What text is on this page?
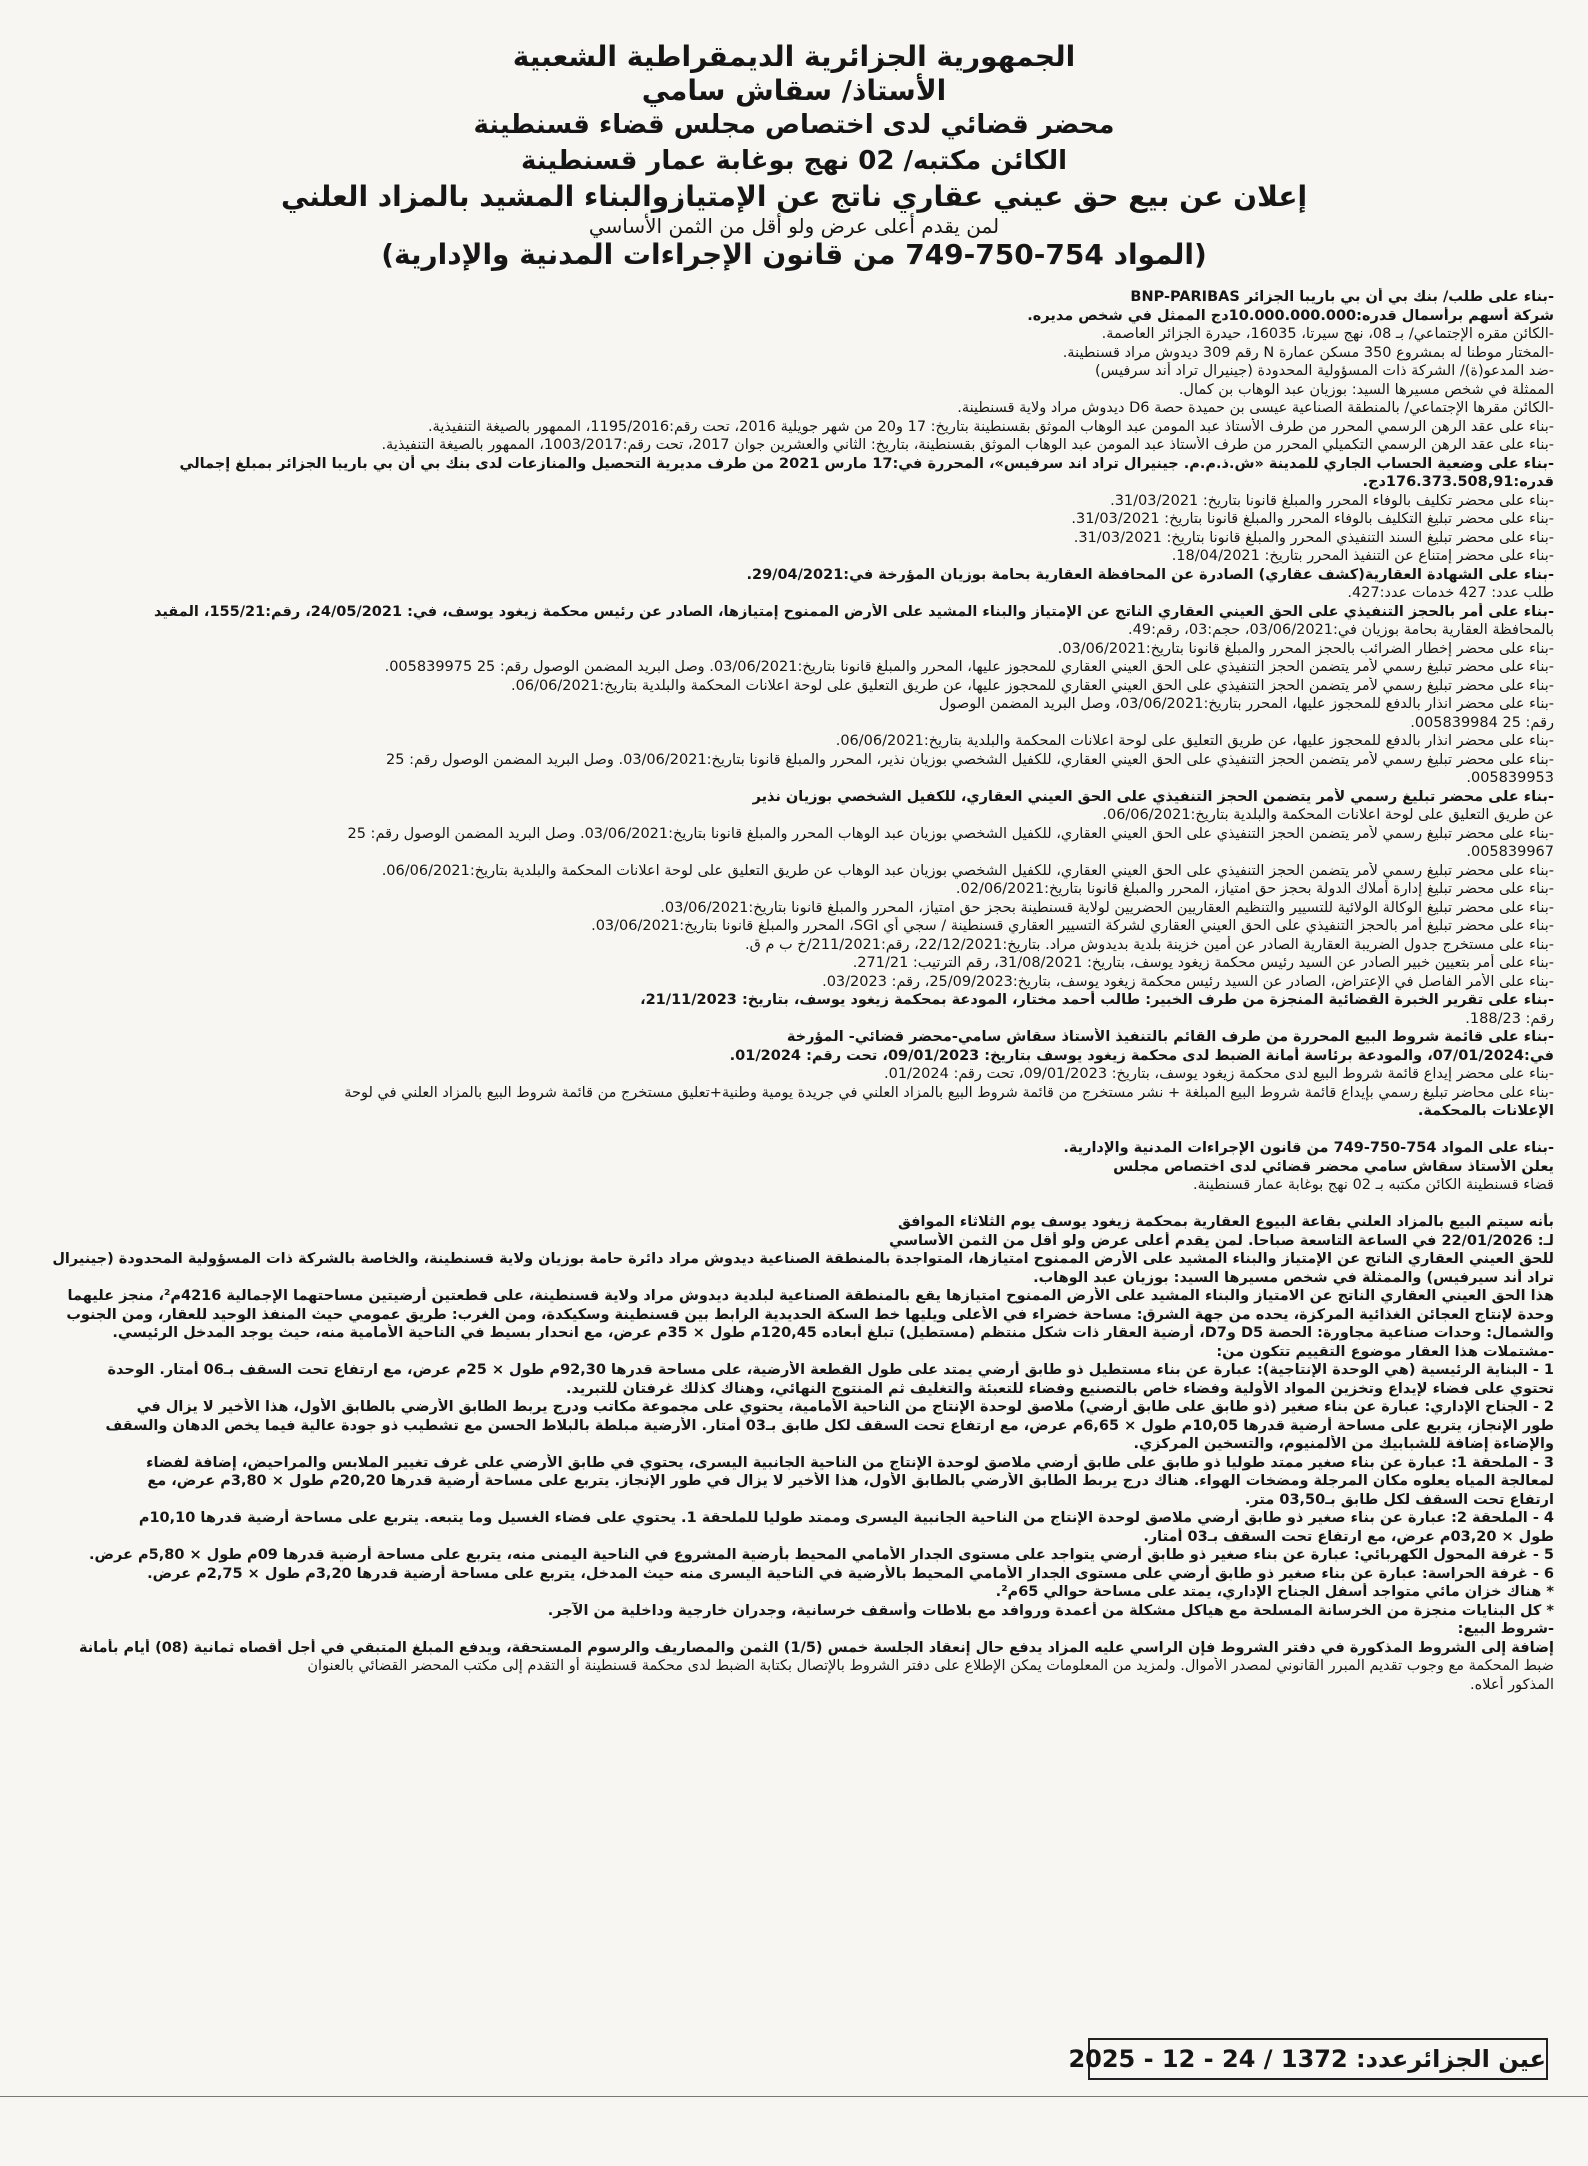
الجمهورية الجزائرية الديمقراطية الشعبية
الأستاذ/ سقاش سامي
محضر قضائي لدى اختصاص مجلس قضاء قسنطينة
الكائن مكتبه/ 02 نهج بوغابة عمار قسنطينة
إعلان عن بيع حق عيني عقاري ناتج عن الإمتيازوالبناء المشيد بالمزاد العلني
لمن يقدم أعلى عرض ولو أقل من الثمن الأساسي
(المواد 754-750-749 من قانون الإجراءات المدنية والإدارية)
-بناء على طلب/ بنك بي أن بي باريبا الجزائر BNP-PARIBAS
شركة أسهم برأسمال قدره:10.000.000.000دج الممثل في شخص مديره.
-الكائن مقره الإجتماعي/ بـ 08، نهج سيرتا، 16035، حيدرة الجزائر العاصمة.
-المختار موطنا له بمشروع 350 مسكن عمارة N رقم 309 ديدوش مراد قسنطينة.
-ضد المدعو(ة)/ الشركة ذات المسؤولية المحدودة (جينيرال تراد أند سرفيس)
الممثلة في شخص مسيرها السيد: بوزيان عبد الوهاب بن كمال.
-الكائن مقرها الإجتماعي/ بالمنطقة الصناعية عيسى بن حميدة حصة D6 ديدوش مراد ولاية قسنطينة.
-بناء على عقد الرهن الرسمي المحرر من طرف الأستاذ عبد المومن عبد الوهاب الموثق بقسنطينة بتاريخ: 17 و20 من شهر جويلية 2016، تحت رقم:1195/2016، الممهور بالصيغة التنفيذية.
-بناء على عقد الرهن الرسمي التكميلي المحرر من طرف الأستاذ عبد المومن عبد الوهاب الموثق بقسنطينة، بتاريخ: الثاني والعشرين جوان 2017، تحت رقم:1003/2017، الممهور بالصيغة التنفيذية.
-بناء على وضعية الحساب الجاري للمدينة «ش.ذ.م.م. جينيرال تراد اند سرفيس»، المحررة في:17 مارس 2021 من طرف مديرية التحصيل والمنازعات لدى بنك بي أن بي باريبا الجزائر بمبلغ إجمالي
قدره:176.373.508,91دج.
-بناء على محضر تكليف بالوفاء المحرر والمبلغ قانونا بتاريخ: 31/03/2021.
-بناء على محضر تبليغ التكليف بالوفاء المحرر والمبلغ قانونا بتاريخ: 31/03/2021.
-بناء على محضر تبليغ السند التنفيذي المحرر والمبلغ قانونا بتاريخ: 31/03/2021.
-بناء على محضر إمتناع عن التنفيذ المحرر بتاريخ: 18/04/2021.
-بناء على الشهادة العقارية(كشف عقاري) الصادرة عن المحافظة العقارية بحامة بوزيان المؤرخة في:29/04/2021.
طلب عدد: 427 خدمات عدد:427.
-بناء على أمر بالحجز التنفيذي على الحق العيني العقاري الناتج عن الإمتياز والبناء المشيد على الأرض الممنوح إمتيازها، الصادر عن رئيس محكمة زيغود يوسف، في: 24/05/2021، رقم:155/21، المقيد
بالمحافظة العقارية بحامة بوزيان في:03/06/2021، حجم:03، رقم:49.
-بناء على محضر إخطار الضرائب بالحجز المحرر والمبلغ قانونا بتاريخ:03/06/2021.
-بناء على محضر تبليغ رسمي لأمر يتضمن الحجز التنفيذي على الحق العيني العقاري للمحجوز عليها، المحرر والمبلغ قانونا بتاريخ:03/06/2021. وصل البريد المضمن الوصول رقم: 25 005839975.
-بناء على محضر تبليغ رسمي لأمر يتضمن الحجز التنفيذي على الحق العيني العقاري للمحجوز عليها، عن طريق التعليق على لوحة اعلانات المحكمة والبلدية بتاريخ:06/06/2021.
-بناء على محضر انذار بالدفع للمحجوز عليها، المحرر بتاريخ:03/06/2021، وصل البريد المضمن الوصول
رقم: 25 005839984.
-بناء على محضر انذار بالدفع للمحجوز عليها، عن طريق التعليق على لوحة اعلانات المحكمة والبلدية بتاريخ:06/06/2021.
-بناء على محضر تبليغ رسمي لأمر يتضمن الحجز التنفيذي على الحق العيني العقاري، للكفيل الشخصي بوزيان نذير، المحرر والمبلغ قانونا بتاريخ:03/06/2021. وصل البريد المضمن الوصول رقم: 25
005839953.
-بناء على محضر تبليغ رسمي لأمر يتضمن الحجز التنفيذي على الحق العيني العقاري، للكفيل الشخصي بوزيان نذير
عن طريق التعليق على لوحة اعلانات المحكمة والبلدية بتاريخ:06/06/2021.
-بناء على محضر تبليغ رسمي لأمر يتضمن الحجز التنفيذي على الحق العيني العقاري، للكفيل الشخصي بوزيان عبد الوهاب المحرر والمبلغ قانونا بتاريخ:03/06/2021. وصل البريد المضمن الوصول رقم: 25
005839967.
-بناء على محضر تبليغ رسمي لأمر يتضمن الحجز التنفيذي على الحق العيني العقاري، للكفيل الشخصي بوزيان عبد الوهاب عن طريق التعليق على لوحة اعلانات المحكمة والبلدية بتاريخ:06/06/2021.
-بناء على محضر تبليغ إدارة أملاك الدولة بحجز حق امتياز، المحرر والمبلغ قانونا بتاريخ:02/06/2021.
-بناء على محضر تبليغ الوكالة الولائية للتسيير والتنظيم العقاريين الحضريين لولاية قسنطينة بحجز حق امتياز، المحرر والمبلغ قانونا بتاريخ:03/06/2021.
-بناء على محضر تبليغ أمر بالحجز التنفيذي على الحق العيني العقاري لشركة التسيير العقاري قسنطينة / سجي أي SGI، المحرر والمبلغ قانونا بتاريخ:03/06/2021.
-بناء على مستخرج جدول الضريبة العقارية الصادر عن أمين خزينة بلدية بديدوش مراد. بتاريخ:22/12/2021، رقم:211/2021/خ ب م ق.
-بناء على أمر بتعيين خبير الصادر عن السيد رئيس محكمة زيغود يوسف، بتاريخ: 31/08/2021، رقم الترتيب: 271/21.
-بناء على الأمر الفاصل في الإعتراض، الصادر عن السيد رئيس محكمة زيغود يوسف، بتاريخ:25/09/2023، رقم: 03/2023.
-بناء على تقرير الخبرة القضائية المنجزة من طرف الخبير: طالب أحمد مختار، المودعة بمحكمة زيغود يوسف، بتاريخ: 21/11/2023،
رقم: 188/23.
-بناء على قائمة شروط البيع المحررة من طرف القائم بالتنفيذ الأستاذ سقاش سامي-محضر قضائي- المؤرخة
في:07/01/2024، والمودعة برئاسة أمانة الضبط لدى محكمة زيغود يوسف بتاريخ: 09/01/2023، تحت رقم: 01/2024.
-بناء على محضر إيداع قائمة شروط البيع لدى محكمة زيغود يوسف، بتاريخ: 09/01/2023، تحت رقم: 01/2024.
-بناء على محاضر تبليغ رسمي بإيداع قائمة شروط البيع المبلغة + نشر مستخرج من قائمة شروط البيع بالمزاد العلني في جريدة يومية وطنية+تعليق مستخرج من قائمة شروط البيع بالمزاد العلني في لوحة
الإعلانات بالمحكمة.
-بناء على المواد 754-750-749 من قانون الإجراءات المدنية والإدارية.
يعلن الأستاذ سقاش سامي محضر قضائي لدى اختصاص مجلس
قضاء قسنطينة الكائن مكتبه بـ 02 نهج بوغابة عمار قسنطينة.
بأنه سيتم البيع بالمزاد العلني بقاعة البيوع العقارية بمحكمة زيغود يوسف يوم الثلاثاء الموافق
لـ: 22/01/2026 في الساعة التاسعة صباحا. لمن يقدم أعلى عرض ولو أقل من الثمن الأساسي
للحق العيني العقاري الناتج عن الإمتياز والبناء المشيد على الأرض الممنوح امتيازها، المتواجدة بالمنطقة الصناعية ديدوش مراد دائرة حامة بوزيان ولاية قسنطينة، والخاصة بالشركة ذات المسؤولية المحدودة (جينيرال
تراد أند سيرفيس) والممثلة في شخص مسيرها السيد: بوزيان عبد الوهاب.
هذا الحق العيني العقاري الناتج عن الامتياز والبناء المشيد على الأرض الممنوح امتيازها يقع بالمنطقة الصناعية لبلدية ديدوش مراد ولاية قسنطينة، على قطعتين أرضيتين مساحتهما الإجمالية 4216م²، منجز عليهما
وحدة لإنتاج العجائن الغذائية المركزة، يحده من جهة الشرق: مساحة خضراء في الأعلى ويليها خط السكة الحديدية الرابط بين قسنطينة وسكيكدة، ومن الغرب: طريق عمومي حيث المنفذ الوحيد للعقار، ومن الجنوب
والشمال: وحدات صناعية مجاورة: الحصة D5 وD7، أرضية العقار ذات شكل منتظم (مستطيل) تبلغ أبعاده 120,45م طول × 35م عرض، مع انحدار بسيط في الناحية الأمامية منه، حيث يوجد المدخل الرئيسي.
-مشتملات هذا العقار موضوع التقييم تتكون من:
1 - البناية الرئيسية (هي الوحدة الإنتاجية): عبارة عن بناء مستطيل ذو طابق أرضي يمتد على طول القطعة الأرضية، على مساحة قدرها 92,30م طول × 25م عرض، مع ارتفاع تحت السقف بـ06 أمتار. الوحدة
تحتوي على فضاء لإيداع وتخزين المواد الأولية وفضاء خاص بالتصنيع وفضاء للتعبئة والتغليف ثم المنتوج النهائي، وهناك كذلك غرفتان للتبريد.
2 - الجناح الإداري: عبارة عن بناء صغير (ذو طابق على طابق أرضي) ملاصق لوحدة الإنتاج من الناحية الأمامية، يحتوي على مجموعة مكاتب ودرج يربط الطابق الأرضي بالطابق الأول، هذا الأخير لا يزال في
طور الإنجاز، يتربع على مساحة أرضية قدرها 10,05م طول × 6,65م عرض، مع ارتفاع تحت السقف لكل طابق بـ03 أمتار. الأرضية مبلطة بالبلاط الحسن مع تشطيب ذو جودة عالية فيما يخص الدهان والسقف
والإضاءة إضافة للشبابيك من الألمنيوم، والتسخين المركزي.
3 - الملحقة 1: عبارة عن بناء صغير ممتد طوليا ذو طابق على طابق أرضي ملاصق لوحدة الإنتاج من الناحية الجانبية اليسرى، يحتوي في طابق الأرضي على غرف تغيير الملابس والمراحيض، إضافة لفضاء
لمعالجة المياه يعلوه مكان المرجلة ومضخات الهواء. هناك درج يربط الطابق الأرضي بالطابق الأول، هذا الأخير لا يزال في طور الإنجاز. يتربع على مساحة أرضية قدرها 20,20م طول × 3,80م عرض، مع
ارتفاع تحت السقف لكل طابق بـ03,50 متر.
4 - الملحقة 2: عبارة عن بناء صغير ذو طابق أرضي ملاصق لوحدة الإنتاج من الناحية الجانبية اليسرى وممتد طوليا للملحقة 1. يحتوي على فضاء الغسيل وما يتبعه. يتربع على مساحة أرضية قدرها 10,10م
طول × 03,20م عرض، مع ارتفاع تحت السقف بـ03 أمتار.
5 - غرفة المحول الكهربائي: عبارة عن بناء صغير ذو طابق أرضي يتواجد على مستوى الجدار الأمامي المحيط بأرضية المشروع في الناحية اليمنى منه، يتربع على مساحة أرضية قدرها 09م طول × 5,80م عرض.
6 - غرفة الحراسة: عبارة عن بناء صغير ذو طابق أرضي على مستوى الجدار الأمامي المحيط بالأرضية في الناحية اليسرى منه حيث المدخل، يتربع على مساحة أرضية قدرها 3,20م طول × 2,75م عرض.
* هناك خزان مائي متواجد أسفل الجناح الإداري، يمتد على مساحة حوالي 65م².
* كل البنايات منجزة من الخرسانة المسلحة مع هياكل مشكلة من أعمدة وروافد مع بلاطات وأسقف خرسانية، وجدران خارجية وداخلية من الآجر.
-شروط البيع:
إضافة إلى الشروط المذكورة في دفتر الشروط فإن الراسي عليه المزاد يدفع حال إنعقاد الجلسة خمس (1/5) الثمن والمصاريف والرسوم المستحقة، ويدفع المبلغ المتبقي في أجل أقصاه ثمانية (08) أيام بأمانة
ضبط المحكمة مع وجوب تقديم المبرر القانوني لمصدر الأموال. ولمزيد من المعلومات يمكن الإطلاع على دفتر الشروط بالإتصال بكتابة الضبط لدى محكمة قسنطينة أو التقدم إلى مكتب المحضر القضائي بالعنوان
المذكور أعلاه.
عين الجزائرعدد: 1372 / 24 - 12 - 2025
